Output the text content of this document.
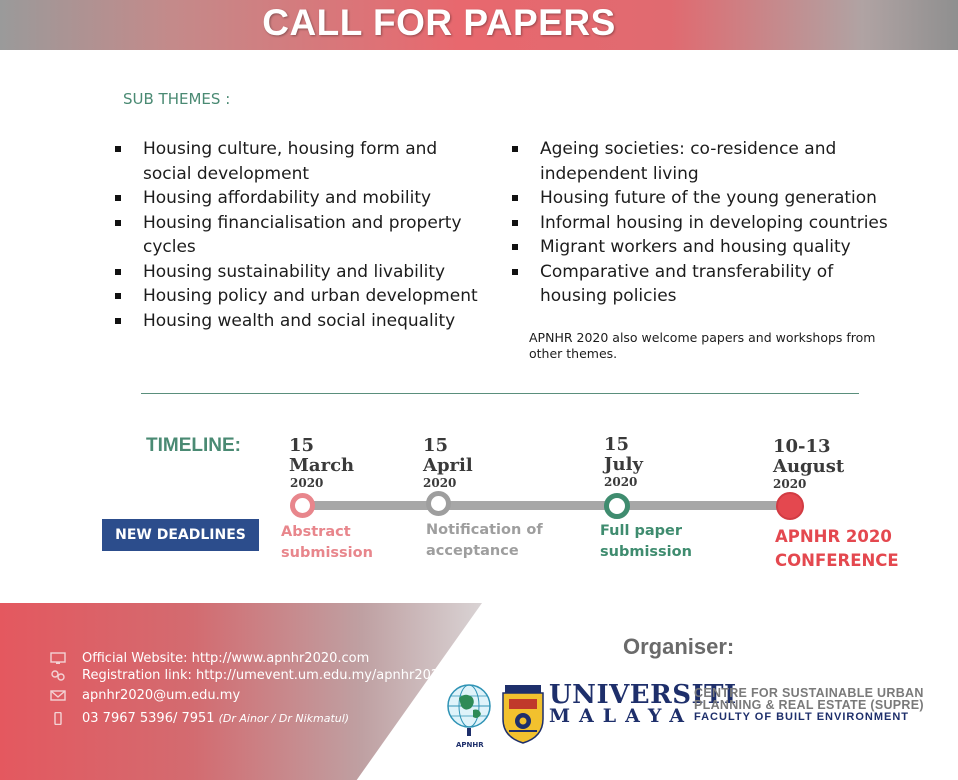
CALL FOR PAPERS
SUB THEMES :
Housing culture, housing form and social development
Housing affordability and mobility
Housing financialisation and property cycles
Housing sustainability and livability
Housing policy and urban development
Housing wealth and social inequality
Ageing societies: co-residence and independent living
Housing future of the young generation
Informal housing in developing countries
Migrant workers and housing quality
Comparative and transferability of housing policies
APNHR 2020 also welcome papers and workshops from other themes.
TIMELINE:	15
March
2020
15
April
2020
15
July
2020
10-13
August
2020
Abstract
submission
Notification of
acceptance
Full paper
submission
APNHR 2020
CONFERENCE
NEW DEADLINES
Official Website: http://www.apnhr2020.com
Registration link: http://umevent.um.edu.my/apnhr2020
apnhr2020@um.edu.my
03 7967 5396/ 7951 (Dr Ainor / Dr Nikmatul)
Organiser:
APNHR
UNIVERSITI
MALAYA
CENTRE FOR SUSTAINABLE URBAN
PLANNING & REAL ESTATE (SUPRE)
FACULTY OF BUILT ENVIRONMENT
